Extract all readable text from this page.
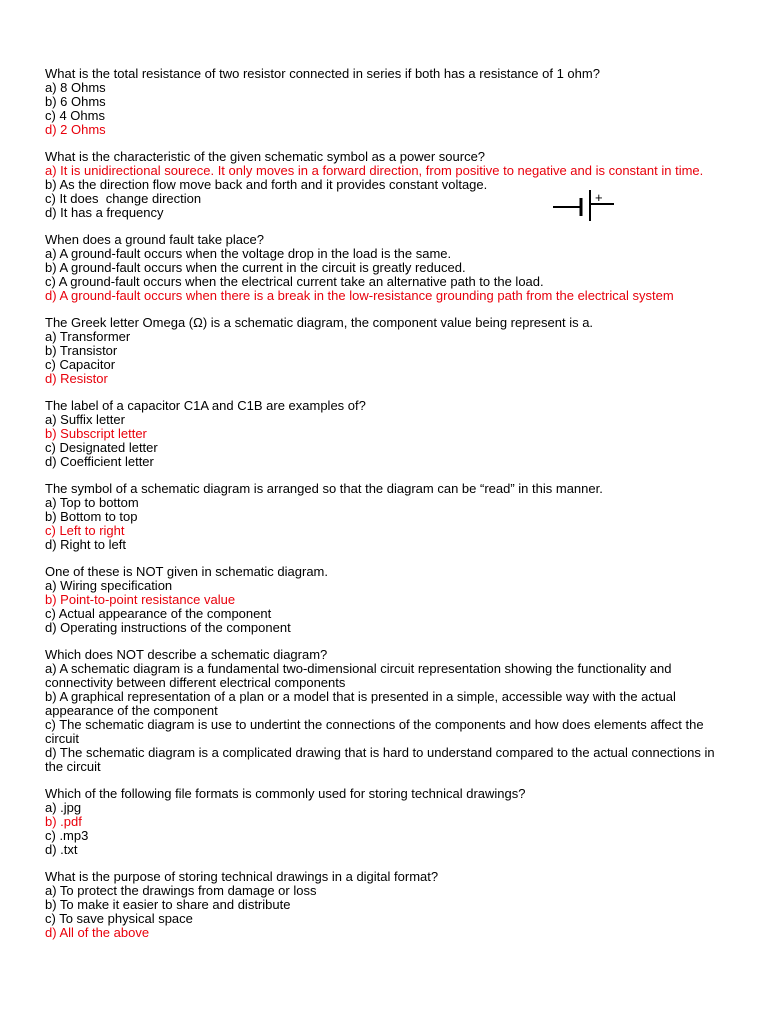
What is the total resistance of two resistor connected in series if both has a resistance of 1 ohm?

a) 8 Ohms

b) 6 Ohms

c) 4 Ohms

d) 2 Ohms

What is the characteristic of the given schematic symbol as a power source?

a) It is unidirectional sourece. It only moves in a forward direction, from positive to negative and is constant in time.

b) As the direction flow move back and forth and it provides constant voltage.

c) It does  change direction

d) It has a frequency

When does a ground fault take place?

a) A ground-fault occurs when the voltage drop in the load is the same.

b) A ground-fault occurs when the current in the circuit is greatly reduced.

c) A ground-fault occurs when the electrical current take an alternative path to the load.

d) A ground-fault occurs when there is a break in the low-resistance grounding path from the electrical system

The Greek letter Omega (Ω) is a schematic diagram, the component value being represent is a.

a) Transformer

b) Transistor

c) Capacitor

d) Resistor

The label of a capacitor C1A and C1B are examples of?

a) Suffix letter

b) Subscript letter

c) Designated letter

d) Coefficient letter

The symbol of a schematic diagram is arranged so that the diagram can be “read” in this manner.

a) Top to bottom

b) Bottom to top

c) Left to right

d) Right to left

One of these is NOT given in schematic diagram.

a) Wiring specification

b) Point-to-point resistance value

c) Actual appearance of the component

d) Operating instructions of the component

Which does NOT describe a schematic diagram?

a) A schematic diagram is a fundamental two-dimensional circuit representation showing the functionality and connectivity between different electrical components

b) A graphical representation of a plan or a model that is presented in a simple, accessible way with the actual appearance of the component

c) The schematic diagram is use to undertint the connections of the components and how does elements affect the circuit

d) The schematic diagram is a complicated drawing that is hard to understand compared to the actual connections in the circuit

Which of the following file formats is commonly used for storing technical drawings?

a) .jpg

b) .pdf

c) .mp3

d) .txt

What is the purpose of storing technical drawings in a digital format?

a) To protect the drawings from damage or loss

b) To make it easier to share and distribute

c) To save physical space

d) All of the above

+
